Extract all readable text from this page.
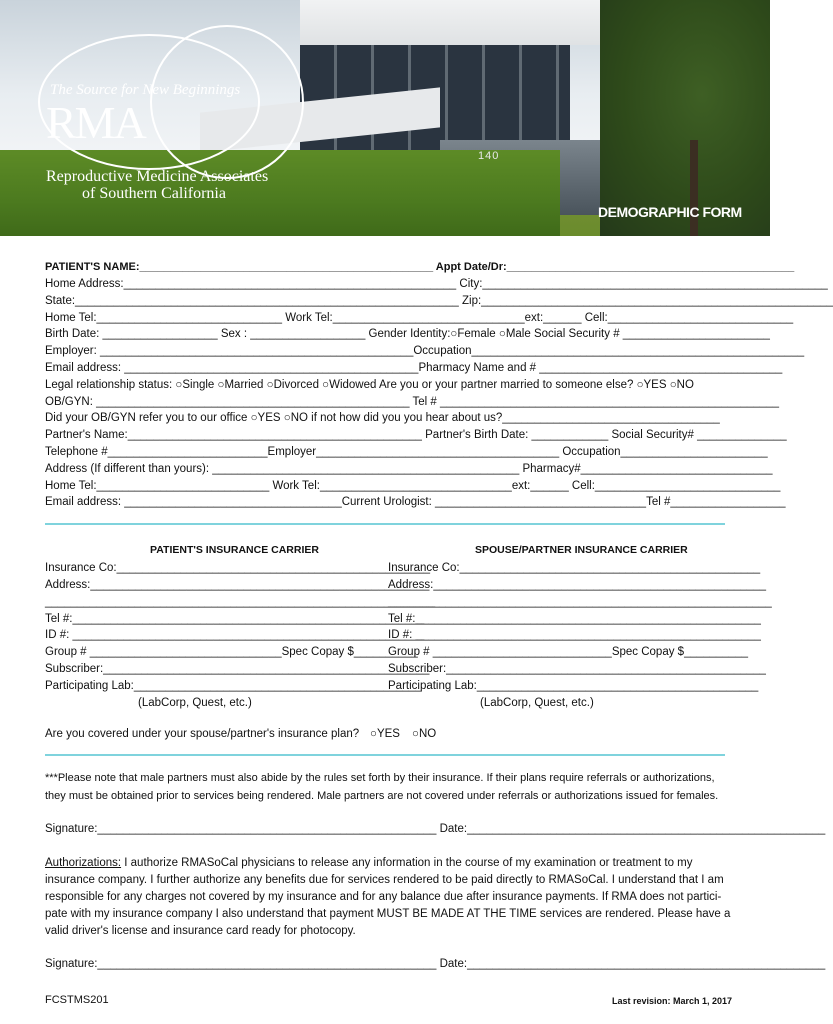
140
The Source for New Beginnings
RMA
Reproductive Medicine Associates
of Southern California
DEMOGRAPHIC FORM
PATIENT'S NAME:________________________________________________ Appt Date/Dr:_______________________________________________
Home Address:____________________________________________________ City:______________________________________________________
State:____________________________________________________________ Zip:_______________________________________________________
Home Tel:_____________________________ Work Tel:______________________________ext:______ Cell:_____________________________
Birth Date: __________________ Sex : __________________ Gender Identity:○Female ○Male Social Security # _______________________
Employer: _________________________________________________Occupation____________________________________________________
Email address: ______________________________________________Pharmacy Name and # ______________________________________
Legal relationship status: ○Single ○Married ○Divorced ○Widowed Are you or your partner married to someone else? ○YES ○NO
OB/GYN: _________________________________________________ Tel # _____________________________________________________
Did your OB/GYN refer you to our office ○YES ○NO if not how did you you hear about us?__________________________________
Partner's Name:______________________________________________ Partner's Birth Date: ____________ Social Security# ______________
Telephone #_________________________Employer______________________________________ Occupation_______________________
Address (If different than yours): ________________________________________________ Pharmacy#______________________________
Home Tel:___________________________ Work Tel:______________________________ext:______ Cell:_____________________________
Email address: __________________________________Current Urologist: _________________________________Tel #__________________
PATIENT'S INSURANCE CARRIER	SPOUSE/PARTNER INSURANCE CARRIER
Insurance Co:_________________________________________________
Address:_____________________________________________________
_____________________________________________________________
Tel #:_______________________________________________________
ID #: _______________________________________________________
Group # ______________________________Spec Copay $__________
Subscriber:___________________________________________________
Participating Lab:_____________________________________________
(LabCorp, Quest, etc.)
Insurance Co:_______________________________________________
Address:____________________________________________________
____________________________________________________________
Tel #:______________________________________________________
ID #: ______________________________________________________
Group # ____________________________Spec Copay $__________
Subscriber:__________________________________________________
Participating Lab:____________________________________________
(LabCorp, Quest, etc.)
Are you covered under your spouse/partner's insurance plan? ○YES ○NO
***Please note that male partners must also abide by the rules set forth by their insurance. If their plans require referrals or authorizations,
they must be obtained prior to services being rendered. Male partners are not covered under referrals or authorizations issued for females.
Signature:_____________________________________________________ Date:________________________________________________________
Authorizations: I authorize RMASoCal physicians to release any information in the course of my examination or treatment to my
insurance company. I further authorize any benefits due for services rendered to be paid directly to RMASoCal. I understand that I am
responsible for any charges not covered by my insurance and for any balance due after insurance payments. If RMA does not partici-
pate with my insurance company I also understand that payment MUST BE MADE AT THE TIME services are rendered. Please have a
valid driver's license and insurance card ready for photocopy.
Signature:_____________________________________________________ Date:________________________________________________________
FCSTMS201	Last revision: March 1, 2017
